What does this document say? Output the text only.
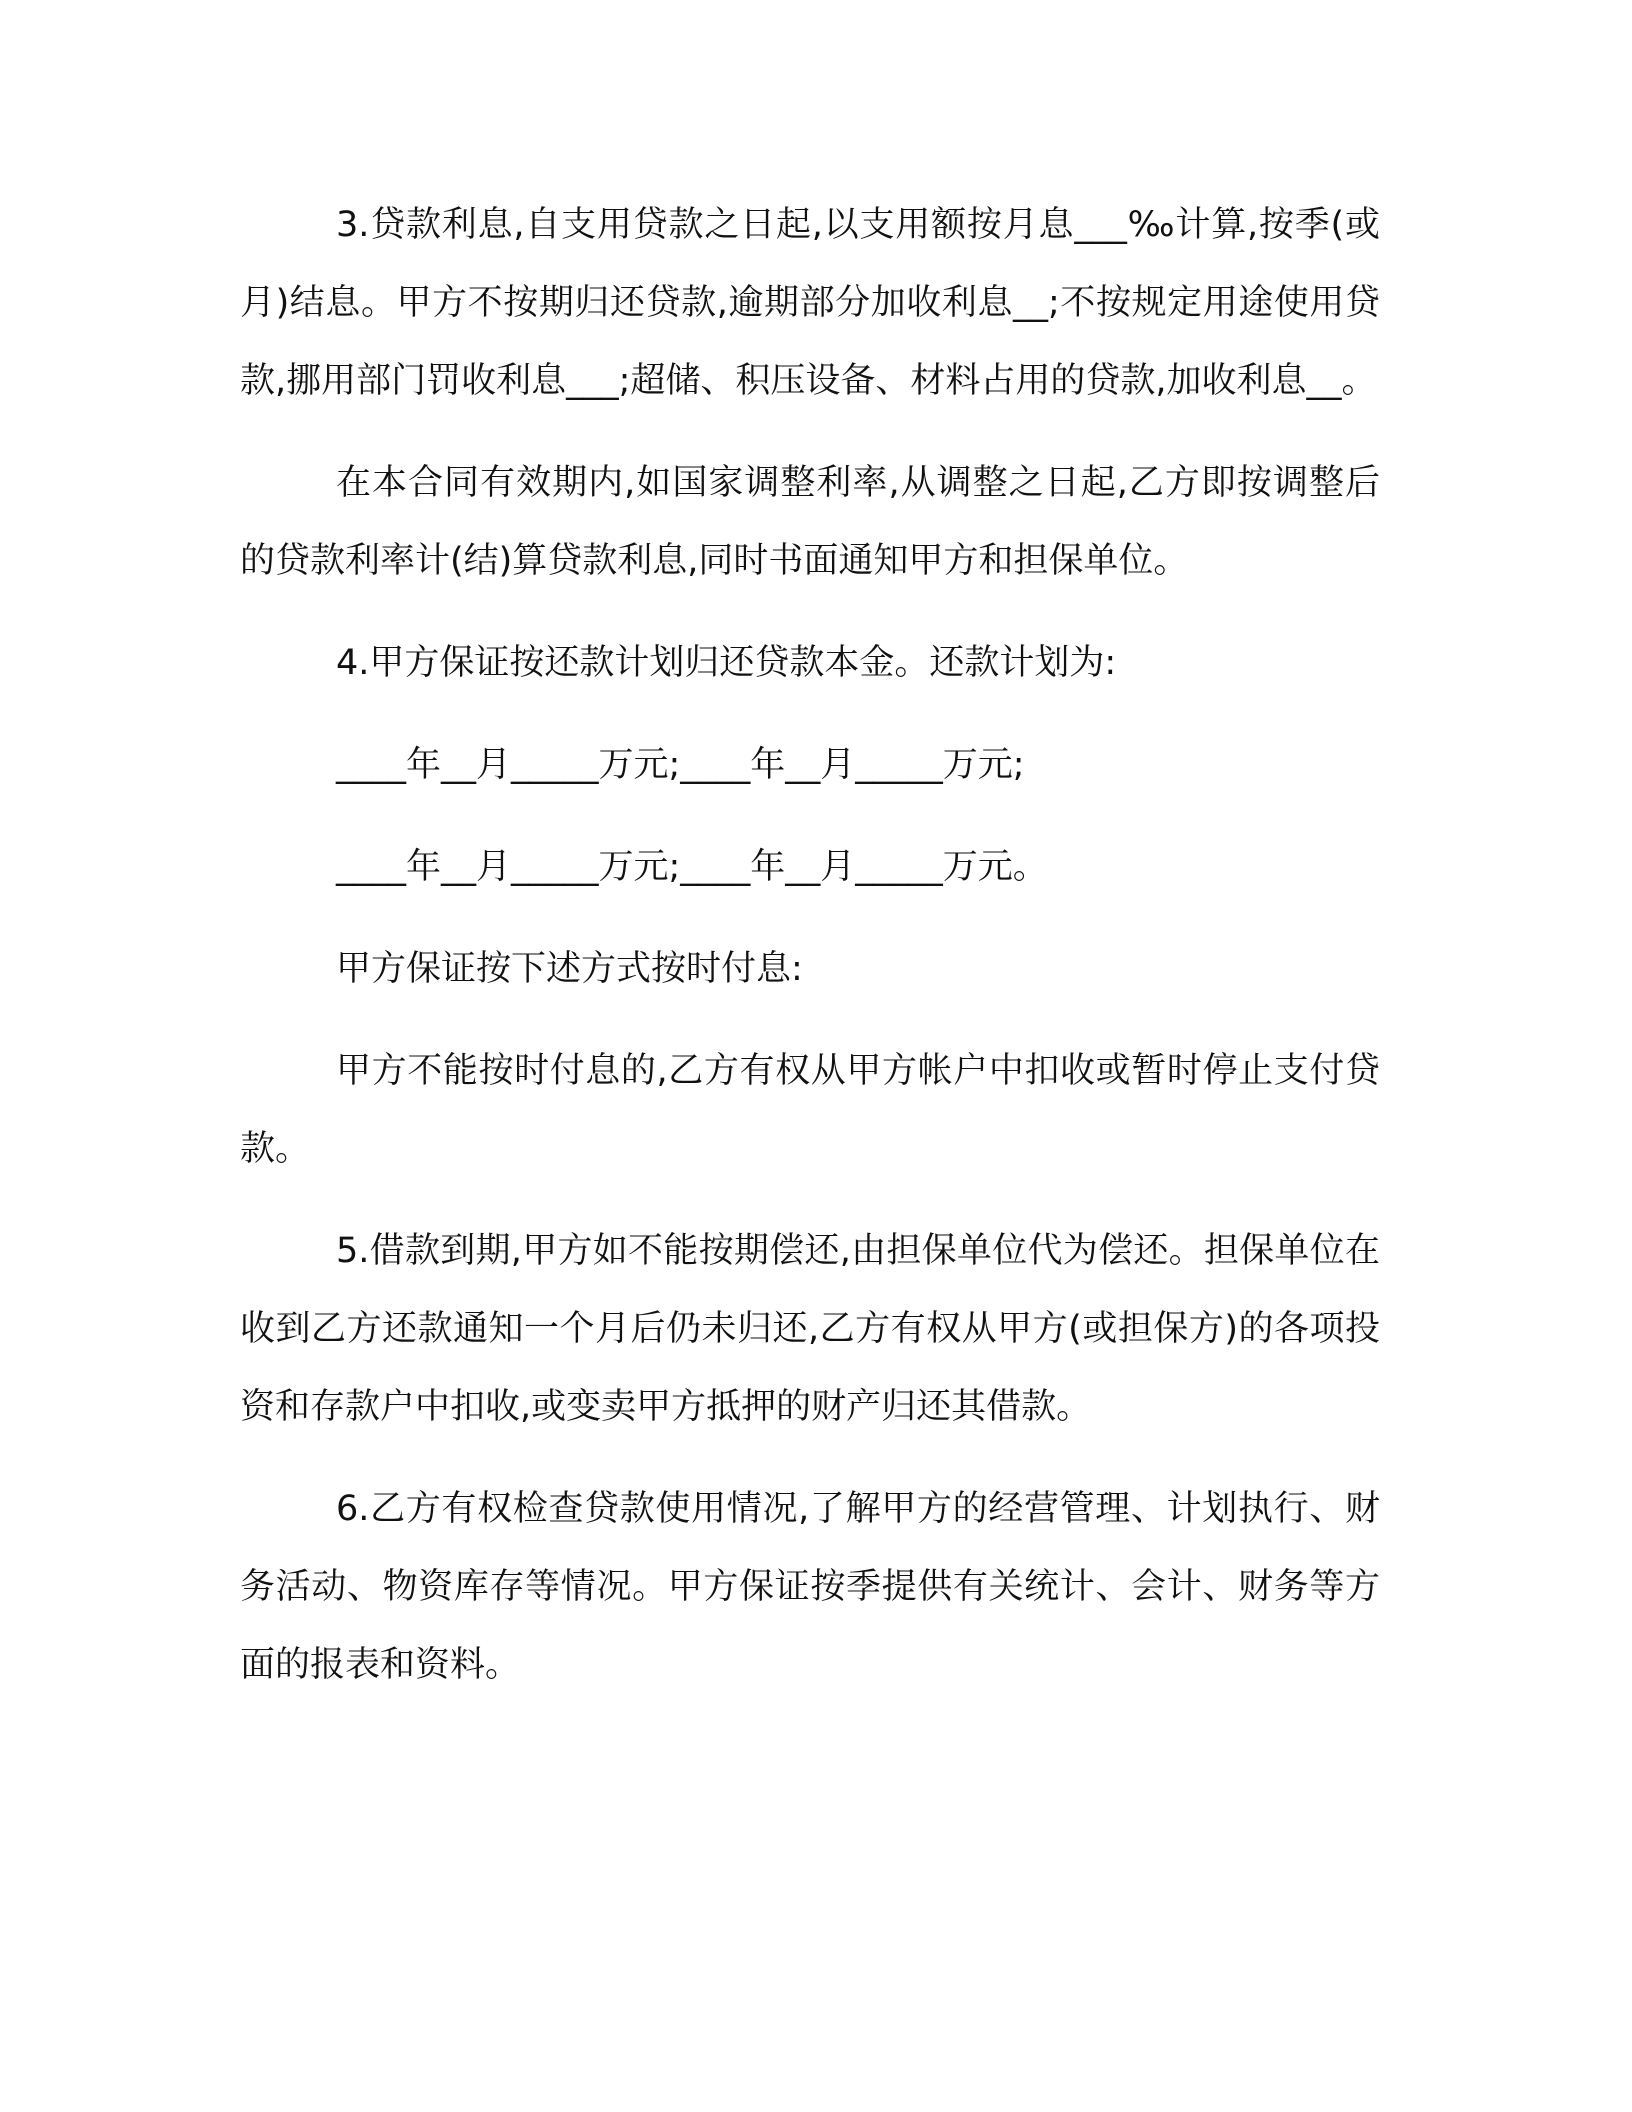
3.贷款利息,自支用贷款之日起,以支用额按月息___‰计算,按季(或月)结息。甲方不按期归还贷款,逾期部分加收利息__;不按规定用途使用贷款,挪用部门罚收利息___;超储、积压设备、材料占用的贷款,加收利息__。

在本合同有效期内,如国家调整利率,从调整之日起,乙方即按调整后的贷款利率计(结)算贷款利息,同时书面通知甲方和担保单位。

4.甲方保证按还款计划归还贷款本金。还款计划为:

____年__月_____万元;____年__月_____万元;

____年__月_____万元;____年__月_____万元。

甲方保证按下述方式按时付息:

甲方不能按时付息的,乙方有权从甲方帐户中扣收或暂时停止支付贷款。

5.借款到期,甲方如不能按期偿还,由担保单位代为偿还。担保单位在收到乙方还款通知一个月后仍未归还,乙方有权从甲方(或担保方)的各项投资和存款户中扣收,或变卖甲方抵押的财产归还其借款。

6.乙方有权检查贷款使用情况,了解甲方的经营管理、计划执行、财务活动、物资库存等情况。甲方保证按季提供有关统计、会计、财务等方面的报表和资料。
